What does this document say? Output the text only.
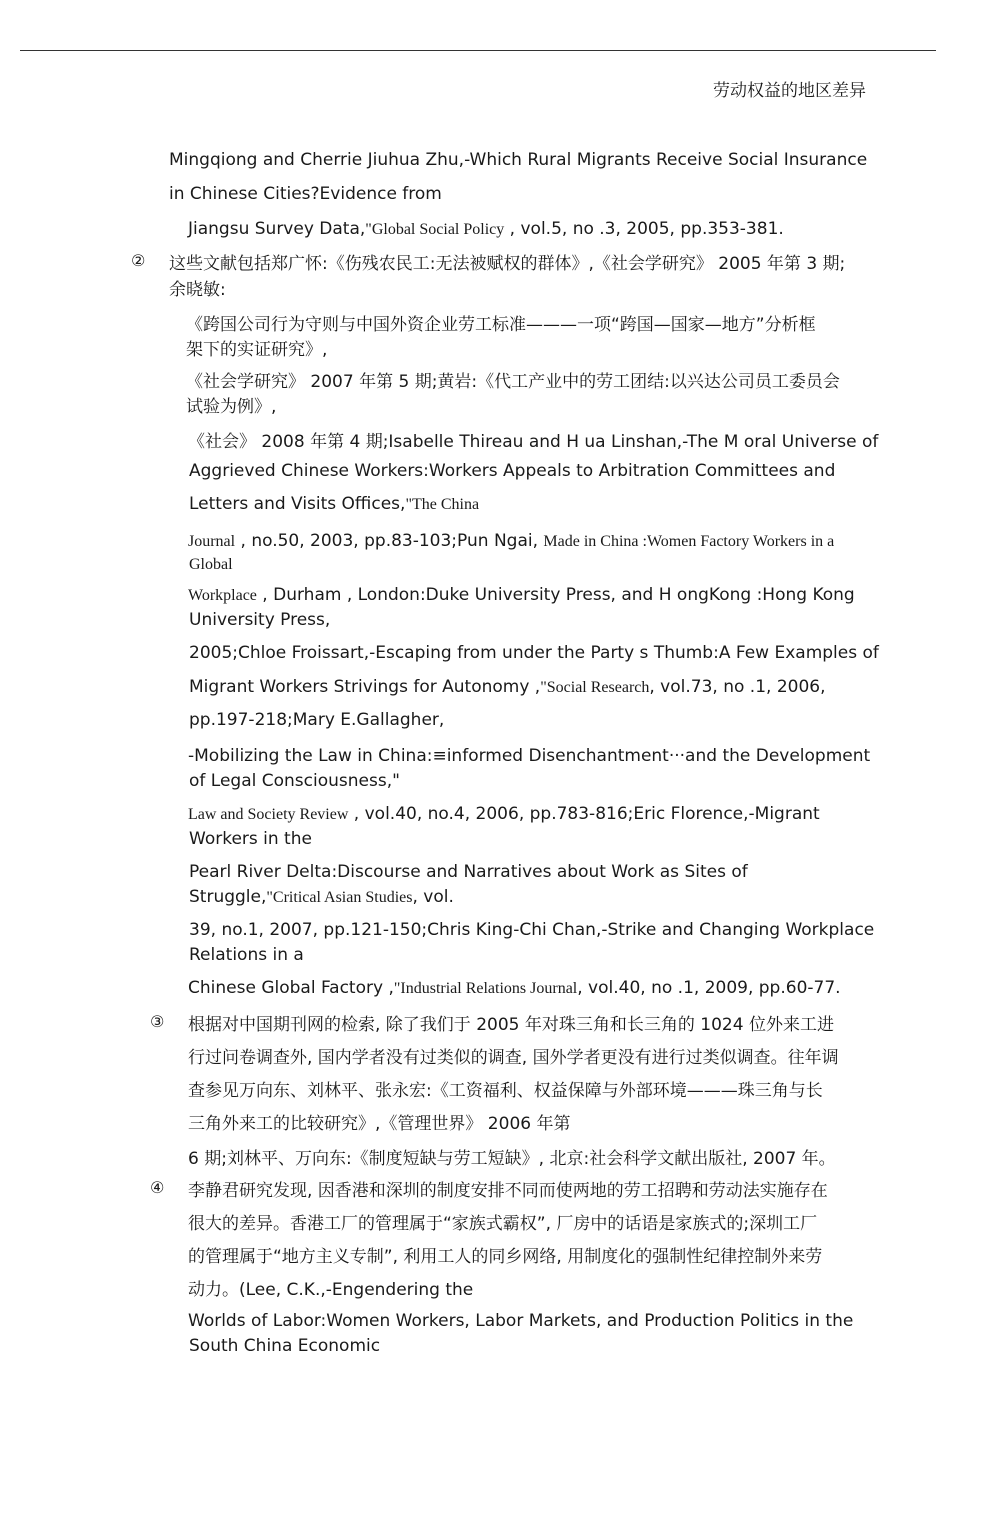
劳动权益的地区差异
Mingqiong and Cherrie Jiuhua Zhu,-Which Rural Migrants Receive Social Insurance
in Chinese Cities?Evidence from
Jiangsu Survey Data,"Global Social Policy , vol.5, no .3, 2005, pp.353-381.
这些文献包括郑广怀:《伤残农民工:无法被赋权的群体》,《社会学研究》 2005 年第 3 期;
余晓敏:
《跨国公司行为守则与中国外资企业劳工标准———一项“跨国—国家—地方”分析框
架下的实证研究》,
《社会学研究》 2007 年第 5 期;黄岩:《代工产业中的劳工团结:以兴达公司员工委员会
试验为例》,
《社会》 2008 年第 4 期;Isabelle Thireau and H ua Linshan,-The M oral Universe of
Aggrieved Chinese Workers:Workers Appeals to Arbitration Committees and
Letters and Visits Offices,"The China
Journal , no.50, 2003, pp.83-103;Pun Ngai, Made in China :Women Factory Workers in a
Global
Workplace , Durham , London:Duke University Press, and H ongKong :Hong Kong
University Press,
2005;Chloe Froissart,-Escaping from under the Party s Thumb:A Few Examples of
Migrant Workers Strivings for Autonomy ,"Social Research, vol.73, no .1, 2006,
pp.197-218;Mary E.Gallagher,
-Mobilizing the Law in China:≡informed Disenchantment···and the Development
of Legal Consciousness,"
Law and Society Review , vol.40, no.4, 2006, pp.783-816;Eric Florence,-Migrant
Workers in the
Pearl River Delta:Discourse and Narratives about Work as Sites of
Struggle,"Critical Asian Studies, vol.
39, no.1, 2007, pp.121-150;Chris King-Chi Chan,-Strike and Changing Workplace
Relations in a
Chinese Global Factory ,"Industrial Relations Journal, vol.40, no .1, 2009, pp.60-77.
根据对中国期刊网的检索, 除了我们于 2005 年对珠三角和长三角的 1024 位外来工进
行过问卷调查外, 国内学者没有过类似的调查, 国外学者更没有进行过类似调查。往年调
查参见万向东、刘林平、张永宏:《工资福利、权益保障与外部环境———珠三角与长
三角外来工的比较研究》,《管理世界》 2006 年第
6 期;刘林平、万向东:《制度短缺与劳工短缺》, 北京:社会科学文献出版社, 2007 年。
李静君研究发现, 因香港和深圳的制度安排不同而使两地的劳工招聘和劳动法实施存在
很大的差异。香港工厂的管理属于“家族式霸权”, 厂房中的话语是家族式的;深圳工厂
的管理属于“地方主义专制”, 利用工人的同乡网络, 用制度化的强制性纪律控制外来劳
动力。(Lee, C.K.,-Engendering the
Worlds of Labor:Women Workers, Labor Markets, and Production Politics in the
South China Economic
②
③
④
